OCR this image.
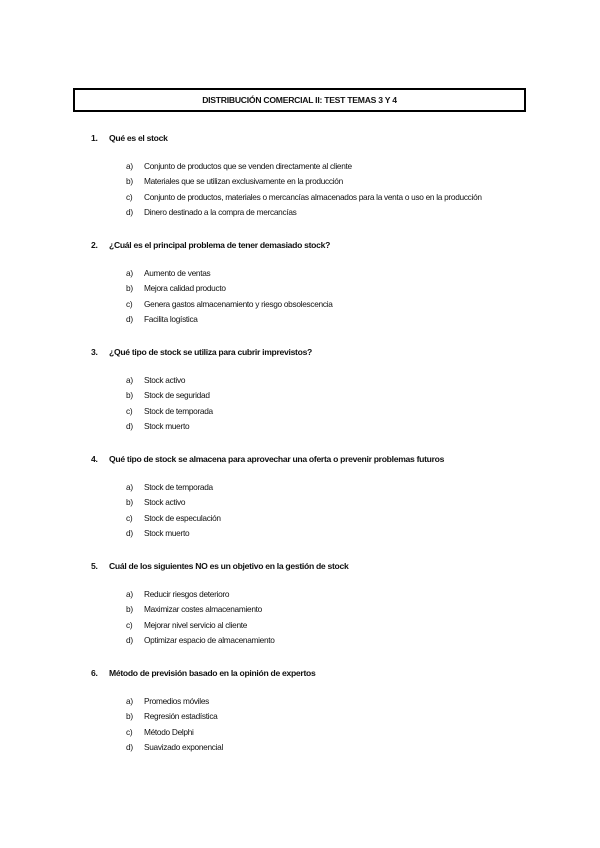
DISTRIBUCIÓN COMERCIAL II: TEST TEMAS 3 Y 4
1.	Qué es el stock
a)	Conjunto de productos que se venden directamente al cliente
b)	Materiales que se utilizan exclusivamente en la producción
c)	Conjunto de productos, materiales o mercancías almacenados para la venta o uso en la producción
d)	Dinero destinado a la compra de mercancías
2.	¿Cuál es el principal problema de tener demasiado stock?
a)	Aumento de ventas
b)	Mejora calidad producto
c)	Genera gastos almacenamiento y riesgo obsolescencia
d)	Facilita logística
3.	¿Qué tipo de stock se utiliza para cubrir imprevistos?
a)	Stock activo
b)	Stock de seguridad
c)	Stock de temporada
d)	Stock muerto
4.	Qué tipo de stock se almacena para aprovechar una oferta o prevenir problemas futuros
a)	Stock de temporada
b)	Stock activo
c)	Stock de especulación
d)	Stock muerto
5.	Cuál de los siguientes NO es un objetivo en la gestión de stock
a)	Reducir riesgos deterioro
b)	Maximizar costes almacenamiento
c)	Mejorar nivel servicio al cliente
d)	Optimizar espacio de almacenamiento
6.	Método de previsión basado en la opinión de expertos
a)	Promedios móviles
b)	Regresión estadística
c)	Método Delphi
d)	Suavizado exponencial
